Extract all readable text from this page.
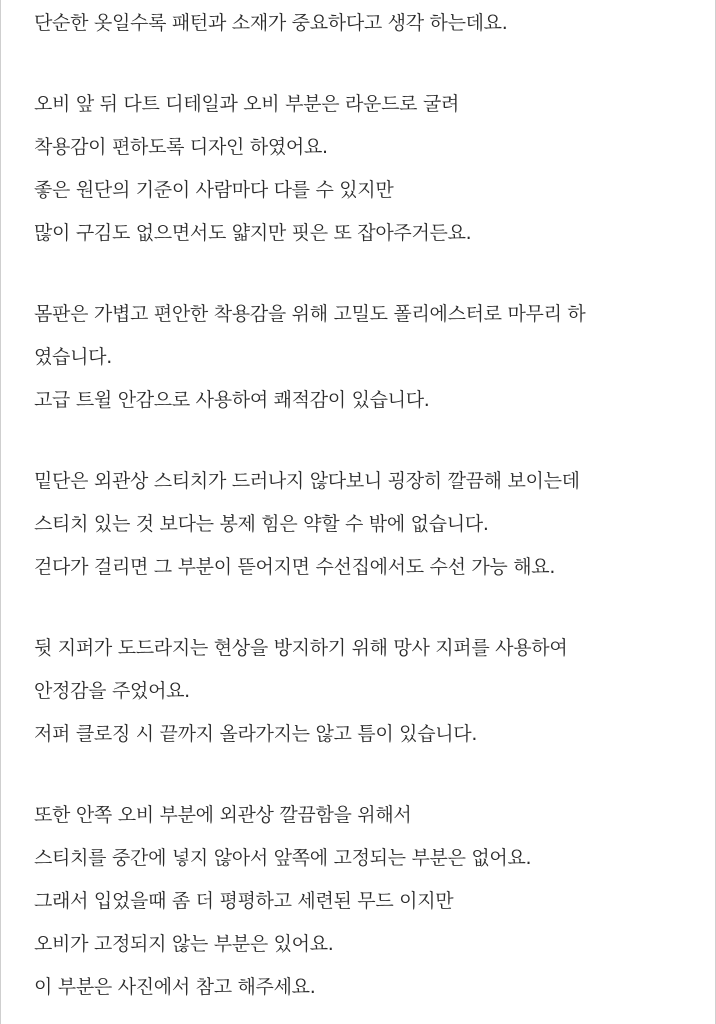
단순한 옷일수록 패턴과 소재가 중요하다고 생각 하는데요.
오비 앞 뒤 다트 디테일과 오비 부분은 라운드로 굴려
착용감이 편하도록 디자인 하였어요.
좋은 원단의 기준이 사람마다 다를 수 있지만
많이 구김도 없으면서도 얇지만 핏은 또 잡아주거든요.
몸판은 가볍고 편안한 착용감을 위해 고밀도 폴리에스터로 마무리 하
였습니다.
고급 트윌 안감으로 사용하여 쾌적감이 있습니다.
밑단은 외관상 스티치가 드러나지 않다보니 굉장히 깔끔해 보이는데
스티치 있는 것 보다는 봉제 힘은 약할 수 밖에 없습니다.
걷다가 걸리면 그 부분이 뜯어지면 수선집에서도 수선 가능 해요.
뒷 지퍼가 도드라지는 현상을 방지하기 위해 망사 지퍼를 사용하여
안정감을 주었어요.
저퍼 클로징 시 끝까지 올라가지는 않고 틈이 있습니다.
또한 안쪽 오비 부분에 외관상 깔끔함을 위해서
스티치를 중간에 넣지 않아서 앞쪽에 고정되는 부분은 없어요.
그래서 입었을때 좀 더 평평하고 세련된 무드 이지만
오비가 고정되지 않는 부분은 있어요.
이 부분은 사진에서 참고 해주세요.
